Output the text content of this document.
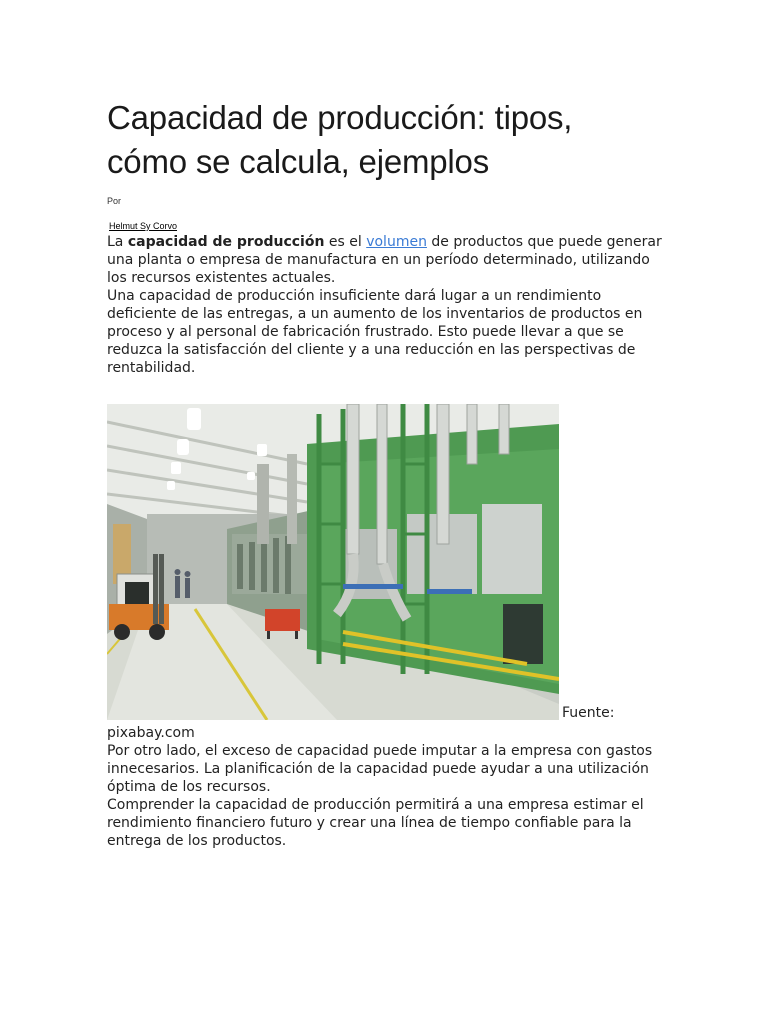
Capacidad de producción: tipos,
cómo se calcula, ejemplos
Por
Helmut Sy Corvo

La capacidad de producción es el volumen de productos que puede generar una planta o empresa de manufactura en un período determinado, utilizando los recursos existentes actuales.

Una capacidad de producción insuficiente dará lugar a un rendimiento deficiente de las entregas, a un aumento de los inventarios de productos en proceso y al personal de fabricación frustrado. Esto puede llevar a que se reduzca la satisfacción del cliente y a una reducción en las perspectivas de rentabilidad.

Fuente:
pixabay.com

Por otro lado, el exceso de capacidad puede imputar a la empresa con gastos innecesarios. La planificación de la capacidad puede ayudar a una utilización óptima de los recursos.

Comprender la capacidad de producción permitirá a una empresa estimar el rendimiento financiero futuro y crear una línea de tiempo confiable para la entrega de los productos.
